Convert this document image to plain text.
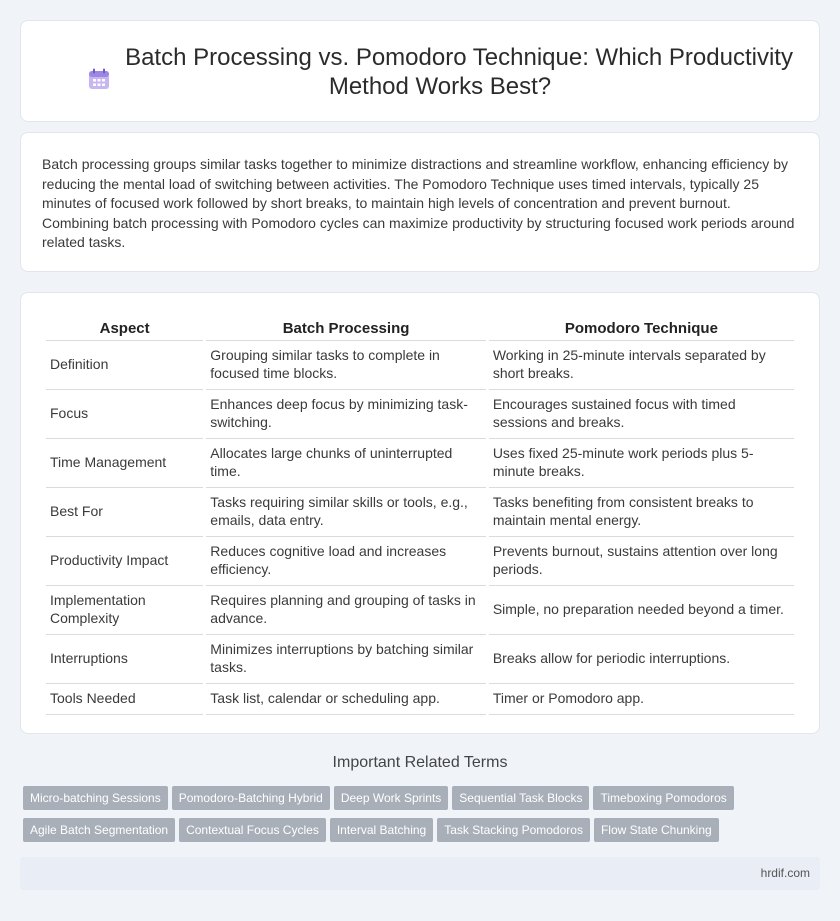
Batch Processing vs. Pomodoro Technique: Which Productivity Method Works Best?

Batch processing groups similar tasks together to minimize distractions and streamline workflow, enhancing efficiency by reducing the mental load of switching between activities. The Pomodoro Technique uses timed intervals, typically 25 minutes of focused work followed by short breaks, to maintain high levels of concentration and prevent burnout. Combining batch processing with Pomodoro cycles can maximize productivity by structuring focused work periods around related tasks.

Aspect	Batch Processing	Pomodoro Technique
Definition	Grouping similar tasks to complete in focused time blocks.	Working in 25-minute intervals separated by short breaks.
Focus	Enhances deep focus by minimizing task-switching.	Encourages sustained focus with timed sessions and breaks.
Time Management	Allocates large chunks of uninterrupted time.	Uses fixed 25-minute work periods plus 5-minute breaks.
Best For	Tasks requiring similar skills or tools, e.g., emails, data entry.	Tasks benefiting from consistent breaks to maintain mental energy.
Productivity Impact	Reduces cognitive load and increases efficiency.	Prevents burnout, sustains attention over long periods.
Implementation Complexity	Requires planning and grouping of tasks in advance.	Simple, no preparation needed beyond a timer.
Interruptions	Minimizes interruptions by batching similar tasks.	Breaks allow for periodic interruptions.
Tools Needed	Task list, calendar or scheduling app.	Timer or Pomodoro app.
Important Related Terms
Micro-batching Sessions Pomodoro-Batching Hybrid Deep Work Sprints Sequential Task Blocks Timeboxing Pomodoros
Agile Batch Segmentation Contextual Focus Cycles Interval Batching Task Stacking Pomodoros Flow State Chunking
hrdif.com
